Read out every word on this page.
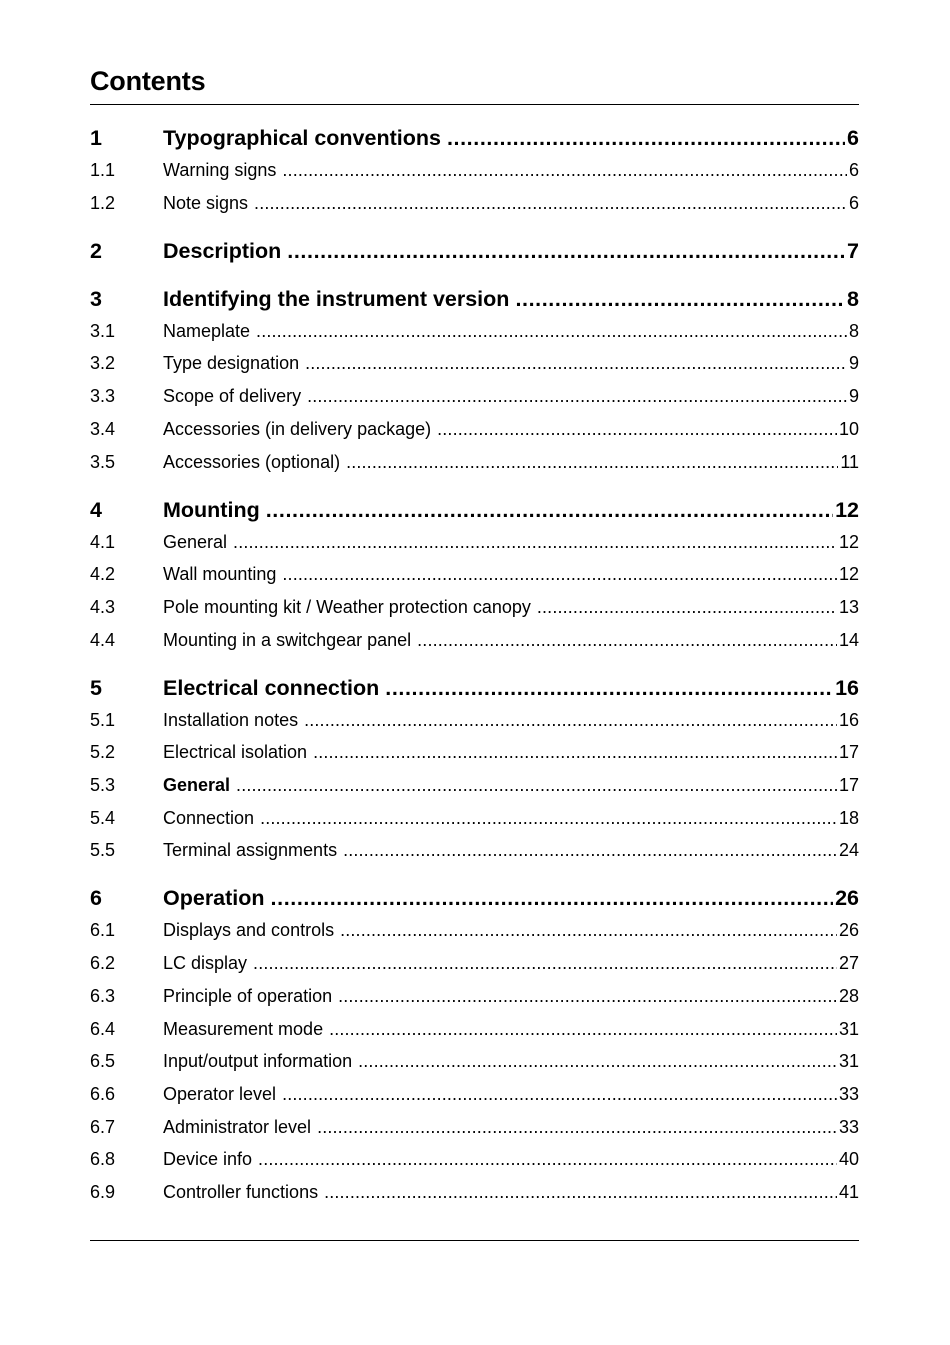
Contents
1	Typographical conventions .....	6
1.1	Warning signs .....	6
1.2	Note signs .....	6
2	Description .....	7
3	Identifying the instrument version .....	8
3.1	Nameplate .....	8
3.2	Type designation .....	9
3.3	Scope of delivery .....	9
3.4	Accessories (in delivery package) .....	10
3.5	Accessories (optional) .....	11
4	Mounting .....	12
4.1	General .....	12
4.2	Wall mounting .....	12
4.3	Pole mounting kit / Weather protection canopy .....	13
4.4	Mounting in a switchgear panel .....	14
5	Electrical connection .....	16
5.1	Installation notes .....	16
5.2	Electrical isolation .....	17
5.3	General .....	17
5.4	Connection .....	18
5.5	Terminal assignments .....	24
6	Operation .....	26
6.1	Displays and controls .....	26
6.2	LC display .....	27
6.3	Principle of operation .....	28
6.4	Measurement mode .....	31
6.5	Input/output information .....	31
6.6	Operator level .....	33
6.7	Administrator level .....	33
6.8	Device info .....	40
6.9	Controller functions .....	41
